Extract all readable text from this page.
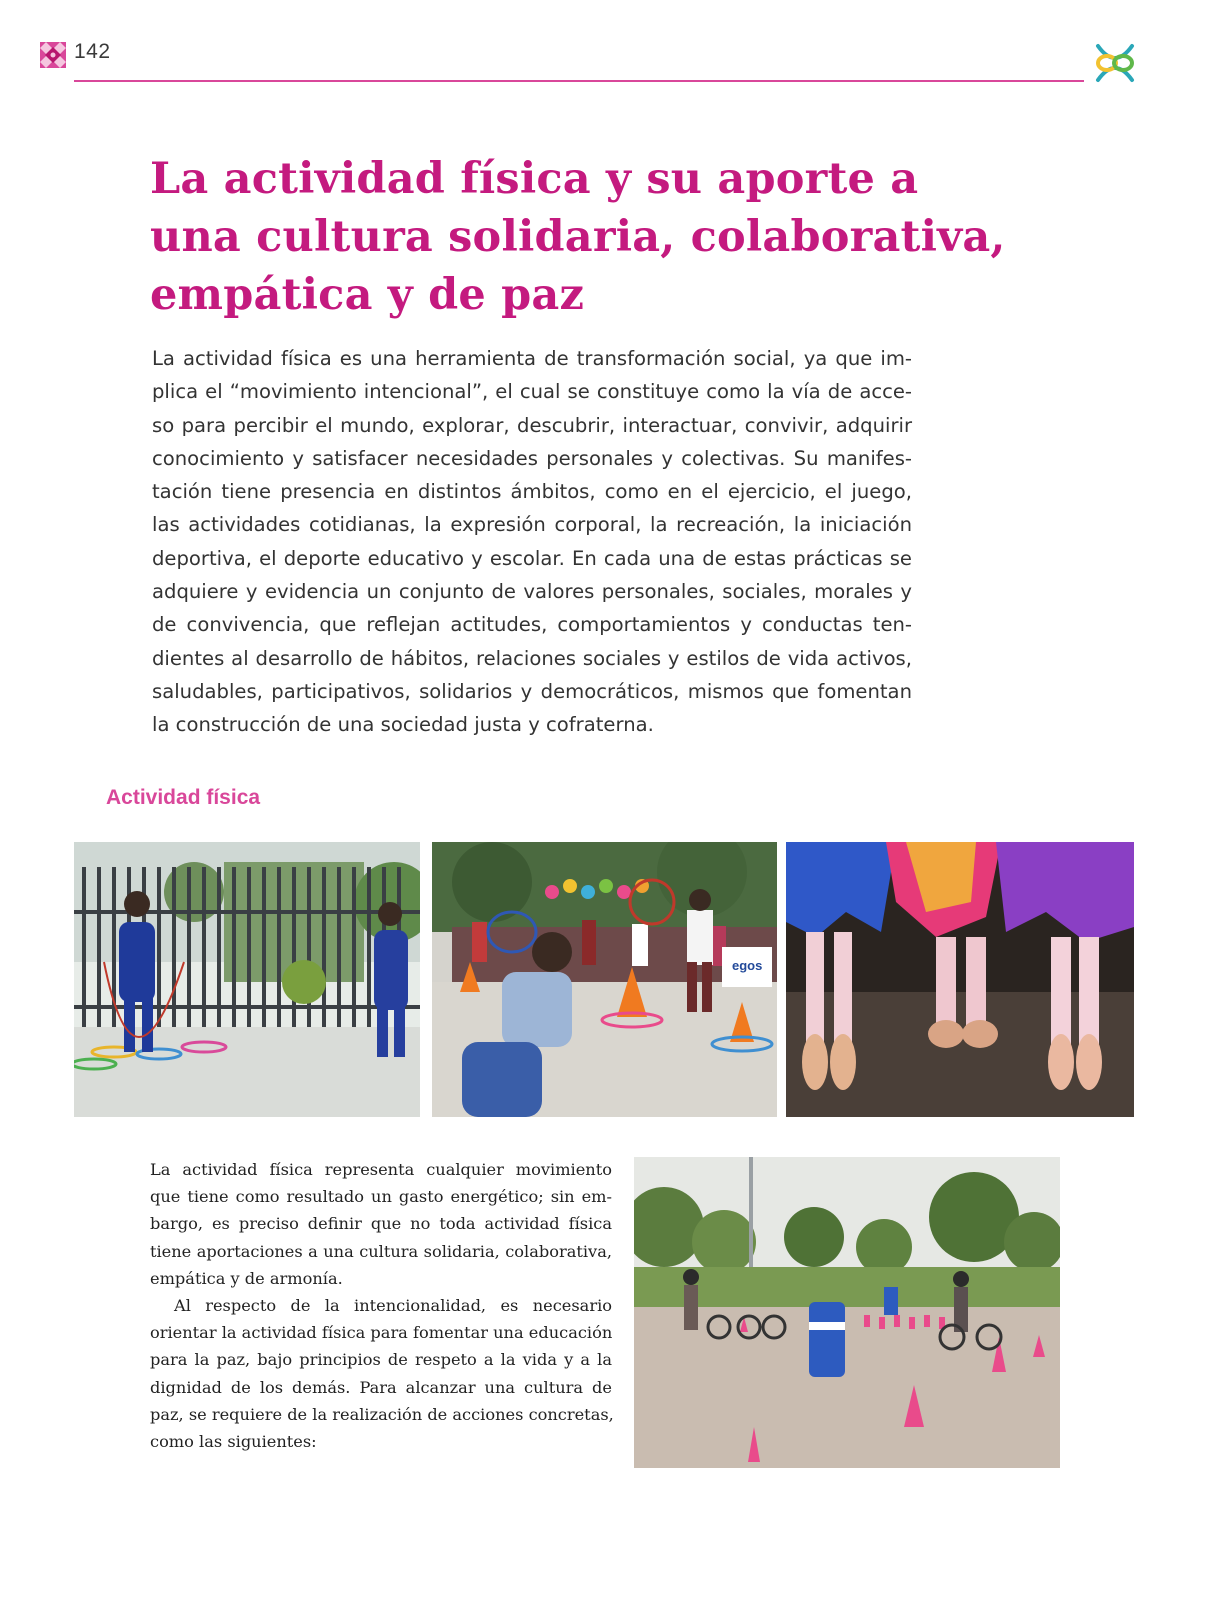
142
La actividad física y su aporte a
una cultura solidaria, colaborativa,
empática y de paz

La actividad física es una herramienta de transformación social, ya que im-
plica el “movimiento intencional”, el cual se constituye como la vía de acce-
so para percibir el mundo, explorar, descubrir, interactuar, convivir, adquirir
conocimiento y satisfacer necesidades personales y colectivas. Su manifes-
tación tiene presencia en distintos ámbitos, como en el ejercicio, el juego,
las actividades cotidianas, la expresión corporal, la recreación, la iniciación
deportiva, el deporte educativo y escolar. En cada una de estas prácticas se
adquiere y evidencia un conjunto de valores personales, sociales, morales y
de convivencia, que reflejan actitudes, comportamientos y conductas ten-
dientes al desarrollo de hábitos, relaciones sociales y estilos de vida activos,
saludables, participativos, solidarios y democráticos, mismos que fomentan
la construcción de una sociedad justa y cofraterna.

Actividad física
egos

La actividad física representa cualquier movimiento
que tiene como resultado un gasto energético; sin em-
bargo, es preciso definir que no toda actividad física
tiene aportaciones a una cultura solidaria, colaborativa,
empática y de armonía.
Al respecto de la intencionalidad, es necesario
orientar la actividad física para fomentar una educación
para la paz, bajo principios de respeto a la vida y a la
dignidad de los demás. Para alcanzar una cultura de
paz, se requiere de la realización de acciones concretas,
como las siguientes:
